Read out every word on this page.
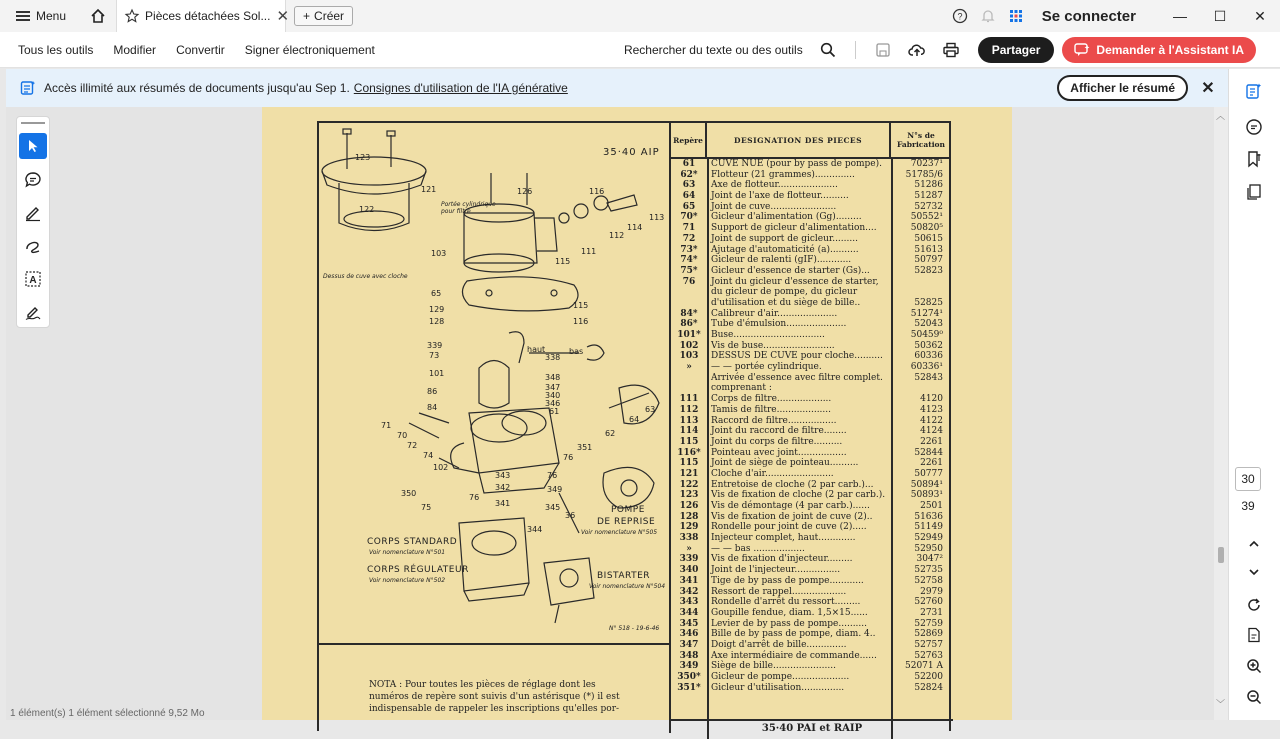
Menu	Pièces détachées Sol... ✕ + Créer	?	Se connecter	—	☐	✕
Tous les outils Modifier Convertir Signer électroniquement	Rechercher du texte ou des outils	Partager	Demander à l'Assistant IA
Accès illimité aux résumés de documents jusqu'au Sep 1. Consignes d'utilisation de l'IA générative	Afficher le résumé	✕
A
35·40 AIP
123
121
122
126	116
113
114
112
111
115
103
Portée cylindrique pour filtre
Dessus de cuve avec cloche
65
129
128
115
116
339
73
haut	bas
338
101	348
347
340
346
86
84	63
64
61
62
71
70
72
74
102
351
76
350
75
76
343
342
341
76
349
345
36
344
POMPE
DE REPRISE
Voir nomenclature N°505
CORPS STANDARD
Voir nomenclature N°501
CORPS RÉGULATEUR
Voir nomenclature N°502	BISTARTER
Voir nomenclature N°504
N° 518 - 19-6-46
NOTA : Pour toutes les pièces de réglage dont les numéros de repère sont suivis d'un astérisque (*) il est indispensable de rappeler les inscriptions qu'elles por-
Repère	DESIGNATION DES PIECES	N°s de Fabrication
61	CUVE NUE (pour by pass de pompe).	70237¹
62*	Flotteur (21 grammes)..............	51785/6
63	Axe de flotteur.....................	51286
64	Joint de l'axe de flotteur..........	51287
65	Joint de cuve.......................	52732
70*	Gicleur d'alimentation (Gg).........	50552¹
71	Support de gicleur d'alimentation....	50820⁵
72	Joint de support de gicleur.........	50615
73*	Ajutage d'automaticité (a)..........	51613
74*	Gicleur de ralenti (gIF)............	50797
75*	Gicleur d'essence de starter (Gs)...	52823
76	Joint du gicleur d'essence de starter,
du gicleur de pompe, du gicleur
d'utilisation et du siège de bille..	52825
84*	Calibreur d'air.....................	51274¹
86*	Tube d'émulsion.....................	52043
101*	Buse................................	50459⁰
102	Vis de buse.........................	50362
103	DESSUS DE CUVE pour cloche..........	60336
»	— — portée cylindrique.	60336¹
Arrivée d'essence avec filtre complet.	52843
comprenant :
111	Corps de filtre...................	4120
112	Tamis de filtre...................	4123
113	Raccord de filtre.................	4122
114	Joint du raccord de filtre........	4124
115	Joint du corps de filtre..........	2261
116*	Pointeau avec joint.................	52844
115	Joint de siège de pointeau..........	2261
121	Cloche d'air........................	50777
122	Entretoise de cloche (2 par carb.)...	50894¹
123	Vis de fixation de cloche (2 par carb.).	50893¹
126	Vis de démontage (4 par carb.)......	2501
128	Vis de fixation de joint de cuve (2)..	51636
129	Rondelle pour joint de cuve (2).....	51149
338	Injecteur complet, haut.............	52949
»	— — bas ..................	52950
339	Vis de fixation d'injecteur.........	3047²
340	Joint de l'injecteur................	52735
341	Tige de by pass de pompe............	52758
342	Ressort de rappel...................	2979
343	Rondelle d'arrêt du ressort.........	52760
344	Goupille fendue, diam. 1,5×15......	2731
345	Levier de by pass de pompe..........	52759
346	Bille de by pass de pompe, diam. 4..	52869
347	Doigt d'arrêt de bille..............	52757
348	Axe intermédiaire de commande......	52763
349	Siège de bille......................	52071 A
350*	Gicleur de pompe....................	52200
351*	Gicleur d'utilisation...............	52824
35·40 PAI et RAIP
︿
﹀
30
39
1 élément(s) 1 élément sélectionné 9,52 Mo
